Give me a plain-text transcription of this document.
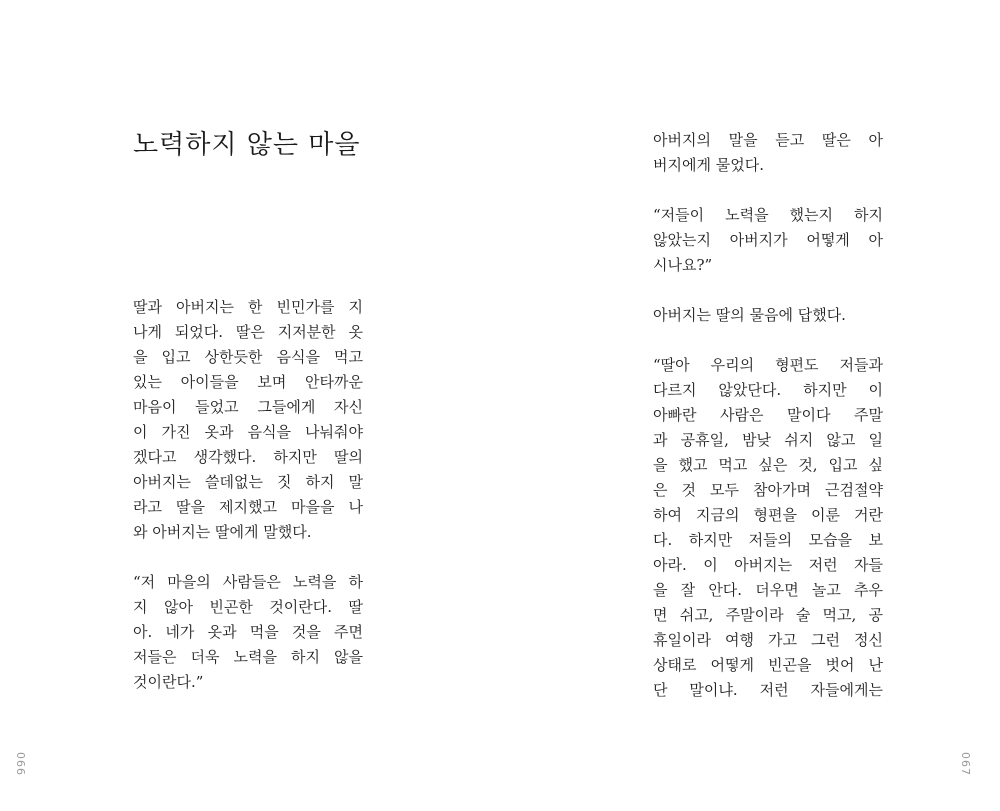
노력하지 않는 마을

딸과 아버지는 한 빈민가를 지
나게 되었다. 딸은 지저분한 옷
을 입고 상한듯한 음식을 먹고
있는 아이들을 보며 안타까운
마음이 들었고 그들에게 자신
이 가진 옷과 음식을 나눠줘야
겠다고 생각했다. 하지만 딸의
아버지는 쓸데없는 짓 하지 말
라고 딸을 제지했고 마을을 나
와 아버지는 딸에게 말했다.

“저 마을의 사람들은 노력을 하
지 않아 빈곤한 것이란다. 딸
아. 네가 옷과 먹을 것을 주면
저들은 더욱 노력을 하지 않을
것이란다.”

066

아버지의 말을 듣고 딸은 아
버지에게 물었다.

“저들이 노력을 했는지 하지
않았는지 아버지가 어떻게 아
시나요?”

아버지는 딸의 물음에 답했다.

“딸아 우리의 형편도 저들과
다르지 않았단다. 하지만 이
아빠란 사람은 말이다 주말
과 공휴일, 밤낮 쉬지 않고 일
을 했고 먹고 싶은 것, 입고 싶
은 것 모두 참아가며 근검절약
하여 지금의 형편을 이룬 거란
다. 하지만 저들의 모습을 보
아라. 이 아버지는 저런 자들
을 잘 안다. 더우면 놀고 추우
면 쉬고, 주말이라 술 먹고, 공
휴일이라 여행 가고 그런 정신
상태로 어떻게 빈곤을 벗어 난
단 말이냐. 저런 자들에게는

067
